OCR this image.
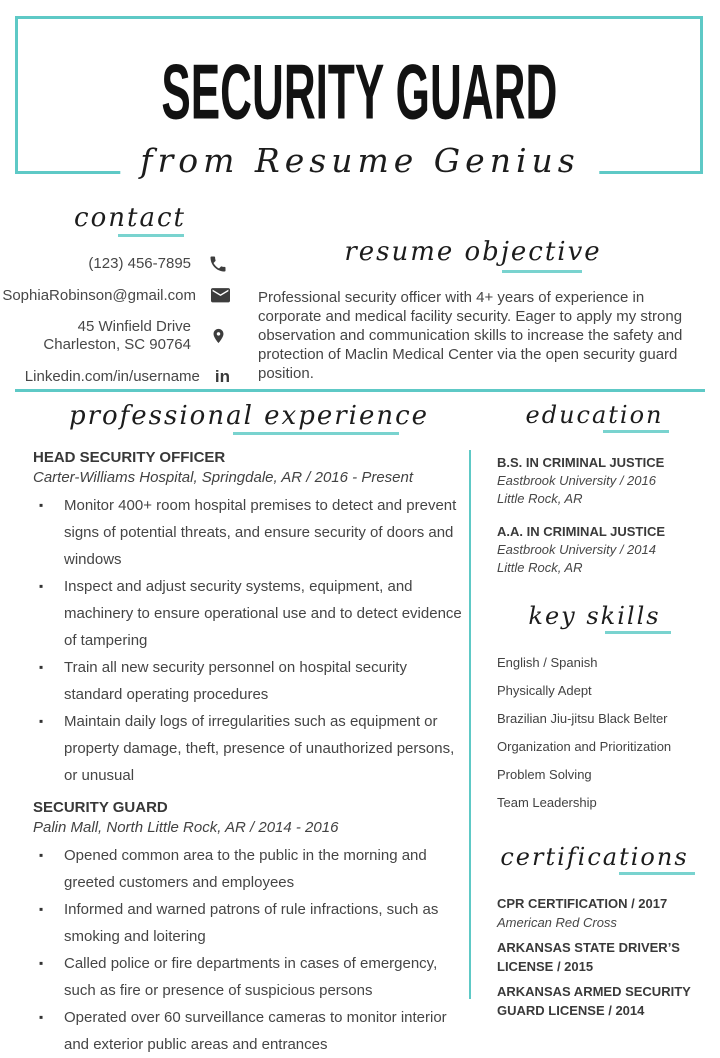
SECURITY GUARD
from Resume Genius
contact
(123) 456-7895
SophiaRobinson@gmail.com
45 Winfield Drive
Charleston, SC 90764
Linkedin.com/in/username in
resume objective

Professional security officer with 4+ years of experience in corporate and medical facility security. Eager to apply my strong observation and communication skills to increase the safety and protection of Maclin Medical Center via the open security guard position.

professional experience
HEAD SECURITY OFFICER
Carter-Williams Hospital, Springdale, AR / 2016 - Present
▪ Monitor 400+ room hospital premises to detect and prevent signs of potential threats, and ensure security of doors and windows
▪ Inspect and adjust security systems, equipment, and machinery to ensure operational use and to detect evidence of tampering
▪ Train all new security personnel on hospital security standard operating procedures
▪ Maintain daily logs of irregularities such as equipment or property damage, theft, presence of unauthorized persons, or unusual
SECURITY GUARD
Palin Mall, North Little Rock, AR / 2014 - 2016
▪ Opened common area to the public in the morning and greeted customers and employees
▪ Informed and warned patrons of rule infractions, such as smoking and loitering
▪ Called police or fire departments in cases of emergency, such as fire or presence of suspicious persons
▪ Operated over 60 surveillance cameras to monitor interior and exterior public areas and entrances
education
B.S. IN CRIMINAL JUSTICE
Eastbrook University / 2016
Little Rock, AR
A.A. IN CRIMINAL JUSTICE
Eastbrook University / 2014
Little Rock, AR
key skills
English / Spanish
Physically Adept
Brazilian Jiu-jitsu Black Belter
Organization and Prioritization
Problem Solving
Team Leadership
certifications
CPR CERTIFICATION / 2017
American Red Cross
ARKANSAS STATE DRIVER’S LICENSE / 2015
ARKANSAS ARMED SECURITY GUARD LICENSE / 2014
